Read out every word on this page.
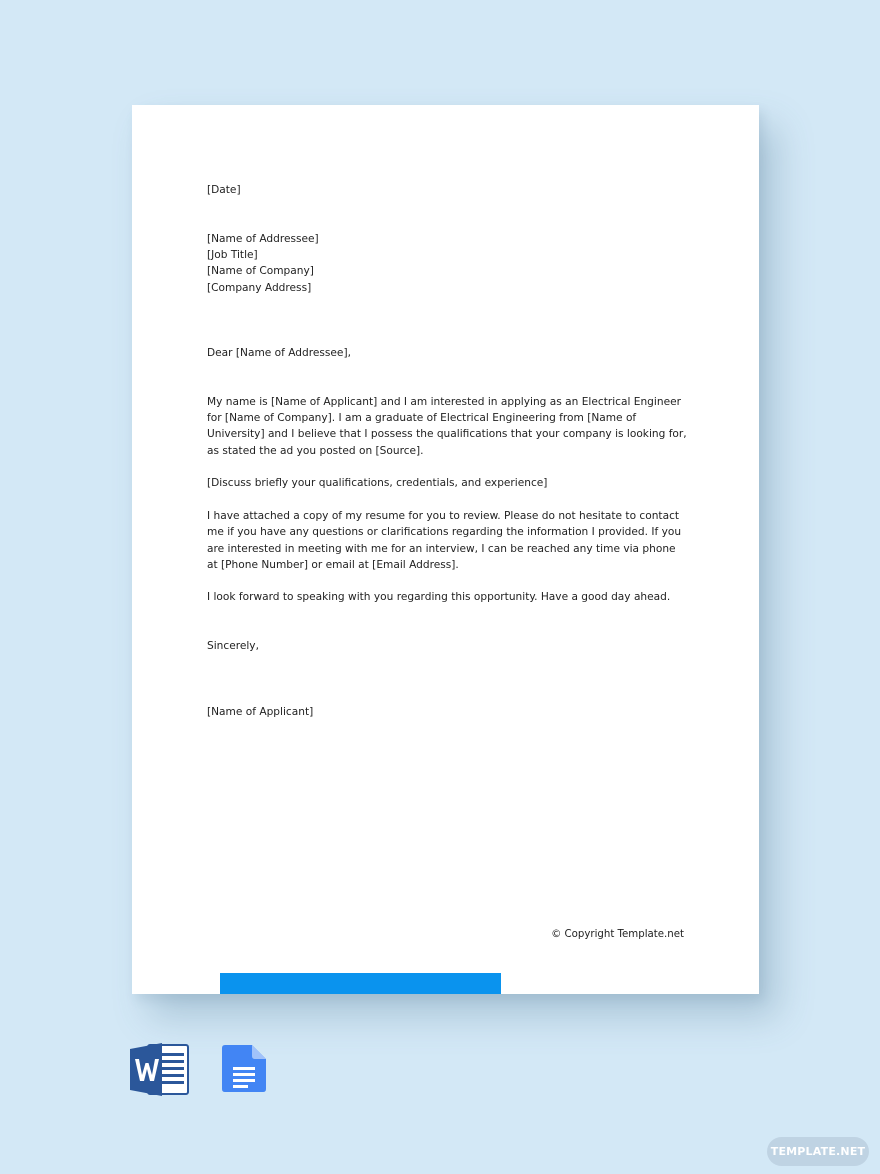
[Date]

[Name of Addressee]

[Job Title]

[Name of Company]

[Company Address]

Dear [Name of Addressee],

My name is [Name of Applicant] and I am interested in applying as an Electrical Engineer for [Name of Company]. I am a graduate of Electrical Engineering from [Name of University] and I believe that I possess the qualifications that your company is looking for, as stated the ad you posted on [Source].

[Discuss briefly your qualifications, credentials, and experience]

I have attached a copy of my resume for you to review. Please do not hesitate to contact me if you have any questions or clarifications regarding the information I provided. If you are interested in meeting with me for an interview, I can be reached any time via phone at [Phone Number] or email at [Email Address].

I look forward to speaking with you regarding this opportunity. Have a good day ahead.

Sincerely,

[Name of Applicant]

© Copyright Template.net
TEMPLATE.NET
